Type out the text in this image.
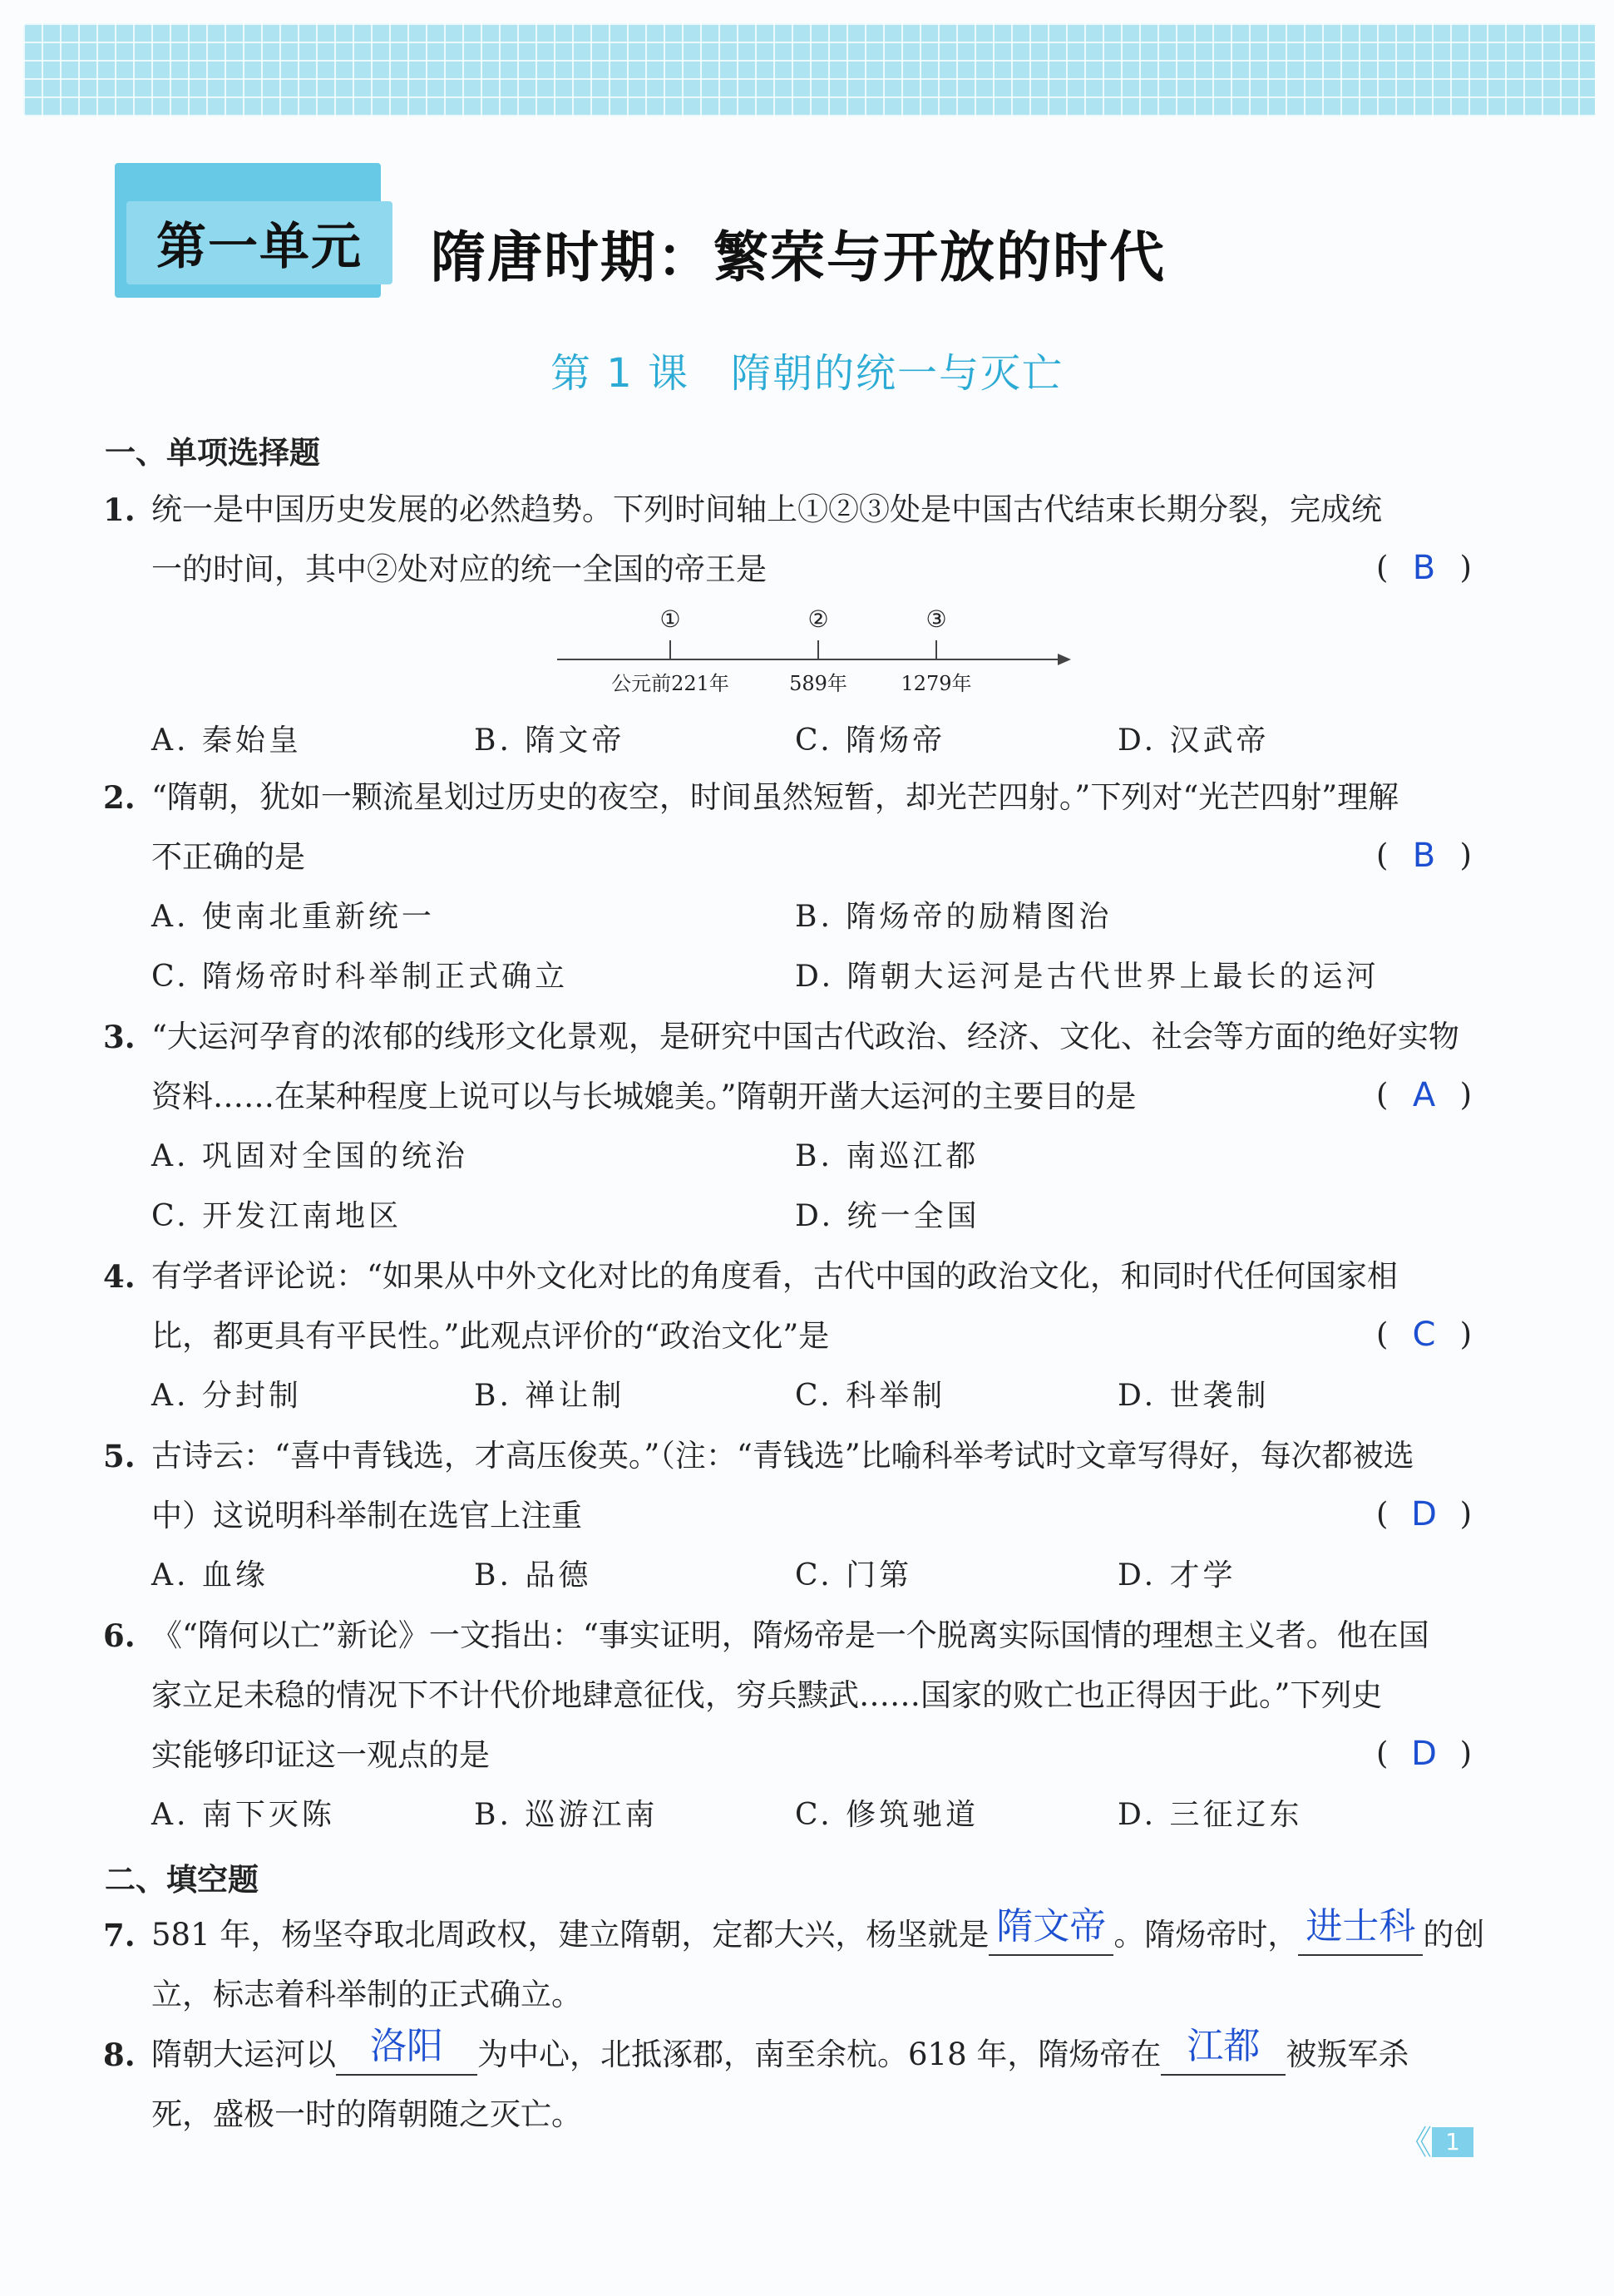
第一单元 隋唐时期：繁荣与开放的时代
第 1 课　隋朝的统一与灭亡
一、单项选择题
1. 统一是中国历史发展的必然趋势。下列时间轴上①②③处是中国古代结束长期分裂，完成统
一的时间，其中②处对应的统一全国的帝王是	( B )
①	②	③
公元前221年	589年	1279年
A. 秦始皇	B. 隋文帝	C. 隋炀帝	D. 汉武帝
2. “隋朝，犹如一颗流星划过历史的夜空，时间虽然短暂，却光芒四射。”下列对“光芒四射”理解
不正确的是	( B )
A. 使南北重新统一	B. 隋炀帝的励精图治
C. 隋炀帝时科举制正式确立	D. 隋朝大运河是古代世界上最长的运河
3. “大运河孕育的浓郁的线形文化景观，是研究中国古代政治、经济、文化、社会等方面的绝好实物
资料……在某种程度上说可以与长城媲美。”隋朝开凿大运河的主要目的是	( A )
A. 巩固对全国的统治	B. 南巡江都
C. 开发江南地区	D. 统一全国
4. 有学者评论说：“如果从中外文化对比的角度看，古代中国的政治文化，和同时代任何国家相
比，都更具有平民性。”此观点评价的“政治文化”是	( C )
A. 分封制	B. 禅让制	C. 科举制	D. 世袭制
5. 古诗云：“喜中青钱选，才高压俊英。”（注：“青钱选”比喻科举考试时文章写得好，每次都被选
中）这说明科举制在选官上注重	( D )
A. 血缘	B. 品德	C. 门第	D. 才学
6. 《“隋何以亡”新论》一文指出：“事实证明，隋炀帝是一个脱离实际国情的理想主义者。他在国
家立足未稳的情况下不计代价地肆意征伐，穷兵黩武……国家的败亡也正得因于此。”下列史
实能够印证这一观点的是	( D )
A. 南下灭陈	B. 巡游江南	C. 修筑驰道	D. 三征辽东
二、填空题
7. 581 年，杨坚夺取北周政权，建立隋朝，定都大兴，杨坚就是 隋文帝 。隋炀帝时， 进士科 的创
立，标志着科举制的正式确立。
8. 隋朝大运河以 洛阳	为中心，北抵涿郡，南至余杭。618 年，隋炀帝在 江都 被叛军杀
死，盛极一时的隋朝随之灭亡。
《 1
